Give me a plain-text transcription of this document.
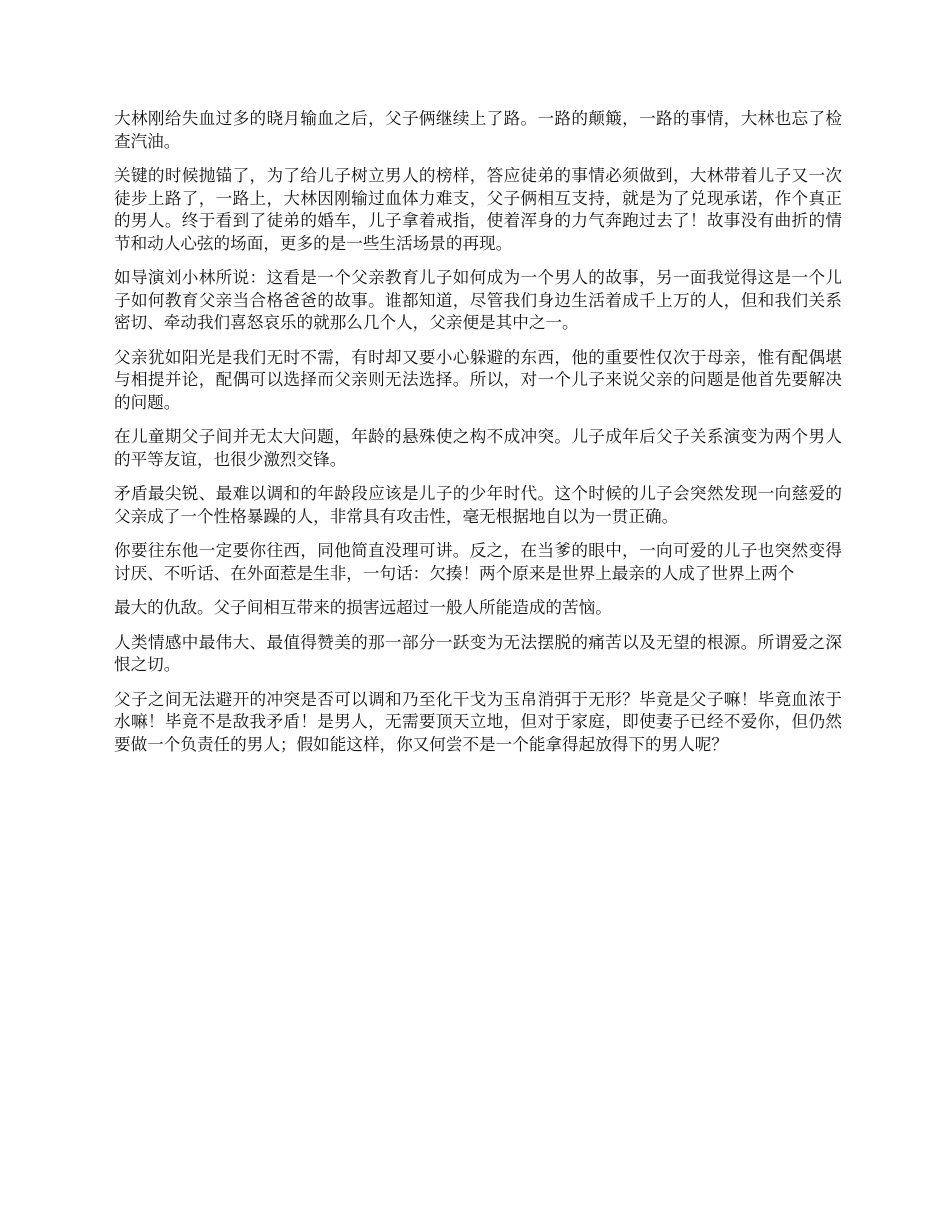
大林刚给失血过多的晓月输血之后，父子俩继续上了路。一路的颠簸，一路的事情，大林也忘了检查汽油。

关键的时候抛锚了，为了给儿子树立男人的榜样，答应徒弟的事情必须做到，大林带着儿子又一次徒步上路了，一路上，大林因刚输过血体力难支，父子俩相互支持，就是为了兑现承诺，作个真正的男人。终于看到了徒弟的婚车，儿子拿着戒指，使着浑身的力气奔跑过去了！故事没有曲折的情节和动人心弦的场面，更多的是一些生活场景的再现。

如导演刘小林所说：这看是一个父亲教育儿子如何成为一个男人的故事，另一面我觉得这是一个儿子如何教育父亲当合格爸爸的故事。谁都知道，尽管我们身边生活着成千上万的人，但和我们关系密切、牵动我们喜怒哀乐的就那么几个人，父亲便是其中之一。

父亲犹如阳光是我们无时不需，有时却又要小心躲避的东西，他的重要性仅次于母亲，惟有配偶堪与相提并论，配偶可以选择而父亲则无法选择。所以，对一个儿子来说父亲的问题是他首先要解决的问题。

在儿童期父子间并无太大问题，年龄的悬殊使之构不成冲突。儿子成年后父子关系演变为两个男人的平等友谊，也很少激烈交锋。

矛盾最尖锐、最难以调和的年龄段应该是儿子的少年时代。这个时候的儿子会突然发现一向慈爱的父亲成了一个性格暴躁的人，非常具有攻击性，毫无根据地自以为一贯正确。

你要往东他一定要你往西，同他简直没理可讲。反之，在当爹的眼中，一向可爱的儿子也突然变得讨厌、不听话、在外面惹是生非，一句话：欠揍！两个原来是世界上最亲的人成了世界上两个

最大的仇敌。父子间相互带来的损害远超过一般人所能造成的苦恼。

人类情感中最伟大、最值得赞美的那一部分一跃变为无法摆脱的痛苦以及无望的根源。所谓爱之深恨之切。

父子之间无法避开的冲突是否可以调和乃至化干戈为玉帛消弭于无形？毕竟是父子嘛！毕竟血浓于水嘛！毕竟不是敌我矛盾！是男人，无需要顶天立地，但对于家庭，即使妻子已经不爱你，但仍然要做一个负责任的男人；假如能这样，你又何尝不是一个能拿得起放得下的男人呢？
